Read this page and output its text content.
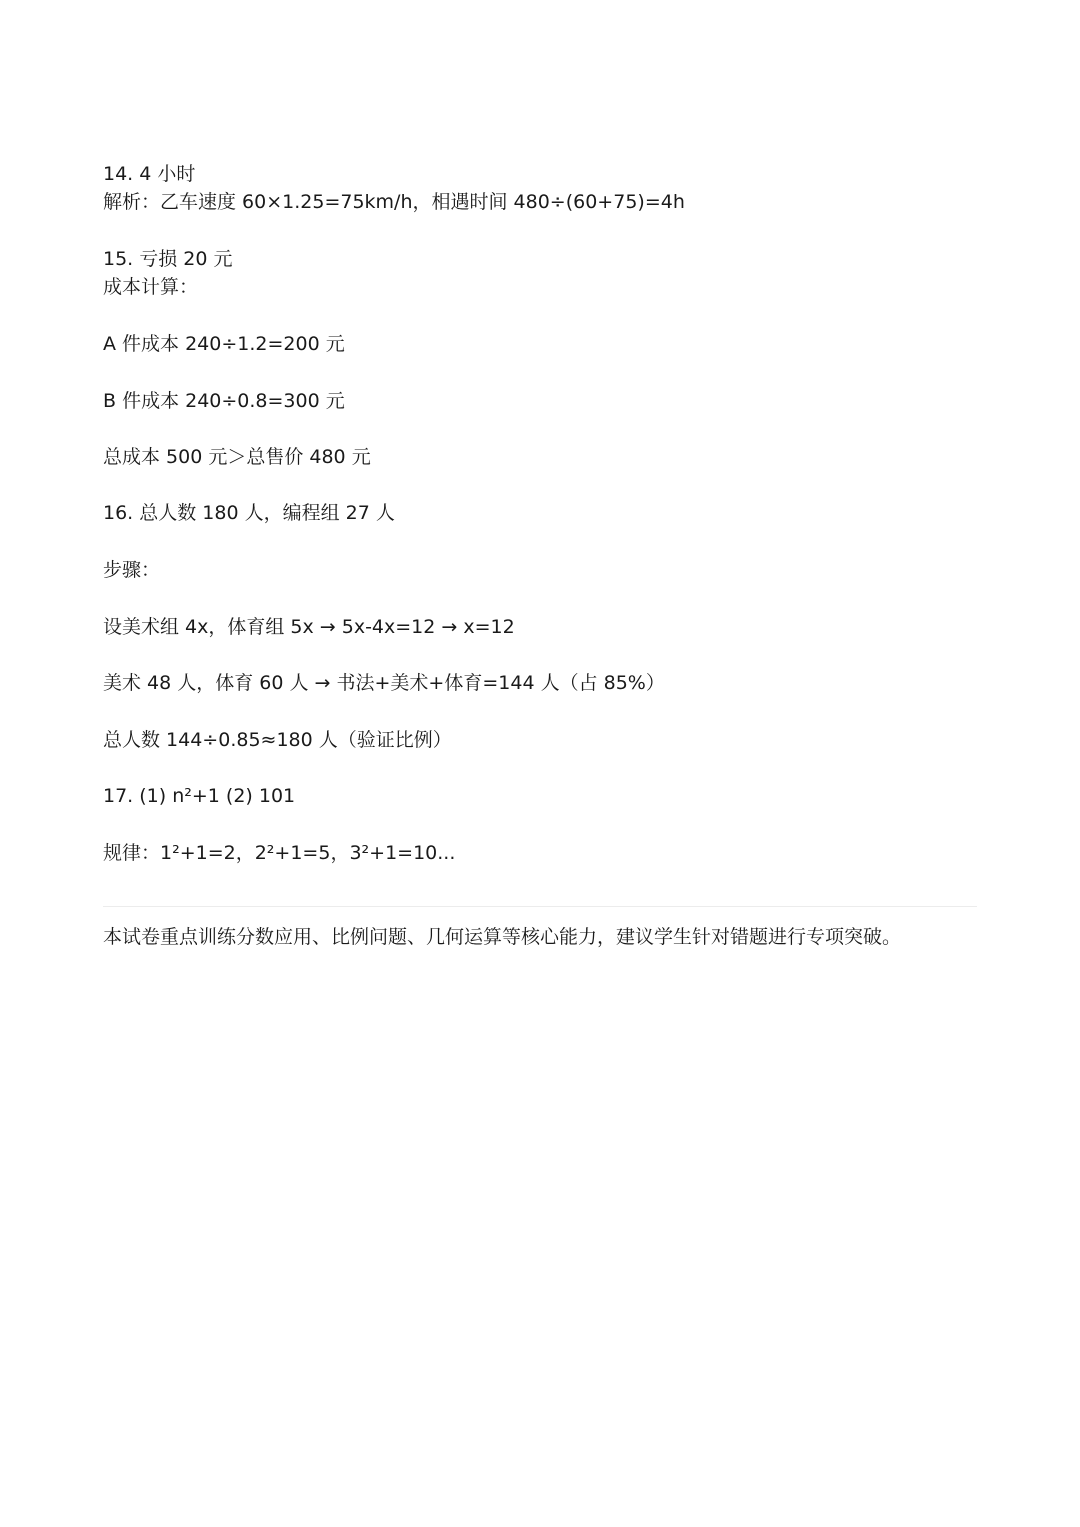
14. 4 小时
解析：乙车速度 60×1.25=75km/h，相遇时间 480÷(60+75)=4h
15. 亏损 20 元
成本计算：
A 件成本 240÷1.2=200 元
B 件成本 240÷0.8=300 元
总成本 500 元＞总售价 480 元
16. 总人数 180 人，编程组 27 人
步骤：
设美术组 4x，体育组 5x → 5x-4x=12 → x=12
美术 48 人，体育 60 人 → 书法+美术+体育=144 人（占 85%）
总人数 144÷0.85≈180 人（验证比例）
17. (1) n²+1 (2) 101
规律：1²+1=2，2²+1=5，3²+1=10...
本试卷重点训练分数应用、比例问题、几何运算等核心能力，建议学生针对错题进行专项突破。
